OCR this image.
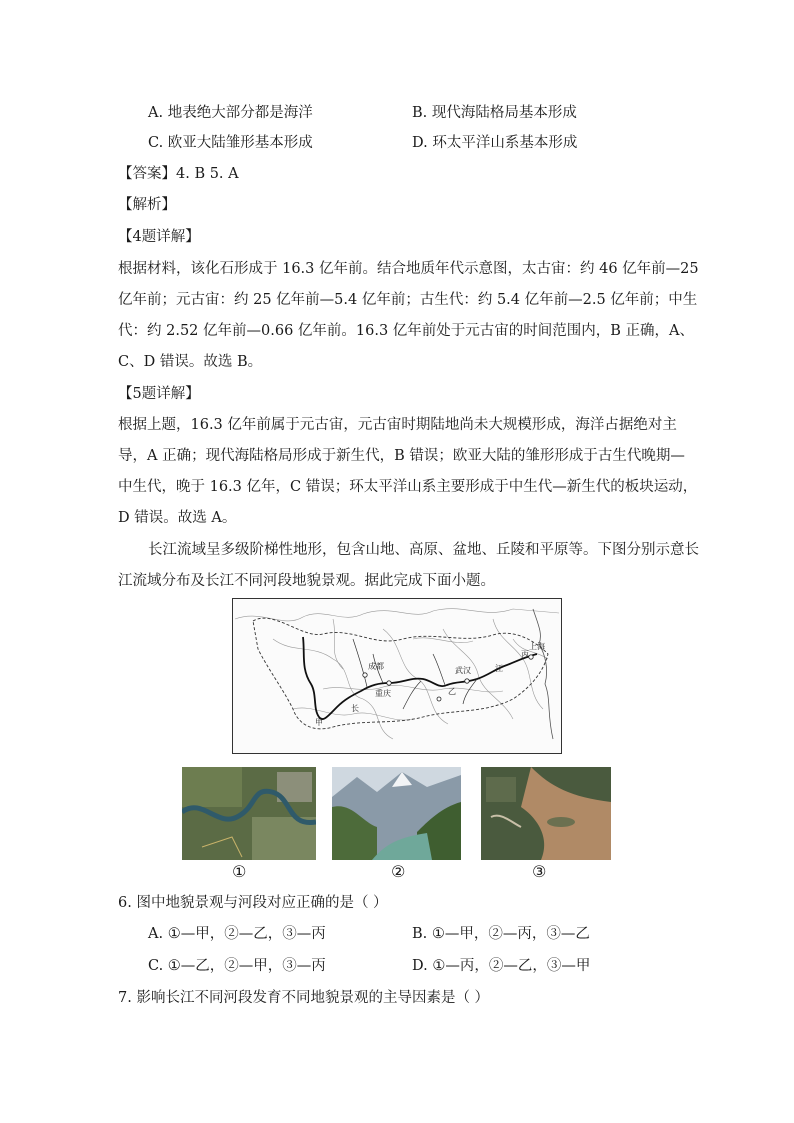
A. 地表绝大部分都是海洋	B. 现代海陆格局基本形成
C. 欧亚大陆雏形基本形成	D. 环太平洋山系基本形成
【答案】4. B 5. A
【解析】
【4题详解】
根据材料，该化石形成于 16.3 亿年前。结合地质年代示意图，太古宙：约 46 亿年前—25
亿年前；元古宙：约 25 亿年前—5.4 亿年前；古生代：约 5.4 亿年前—2.5 亿年前；中生
代：约 2.52 亿年前—0.66 亿年前。16.3 亿年前处于元古宙的时间范围内，B 正确，A、
C、D 错误。故选 B。
【5题详解】
根据上题，16.3 亿年前属于元古宙，元古宙时期陆地尚未大规模形成，海洋占据绝对主
导，A 正确；现代海陆格局形成于新生代，B 错误；欧亚大陆的雏形形成于古生代晚期—
中生代，晚于 16.3 亿年，C 错误；环太平洋山系主要形成于中生代—新生代的板块运动，
D 错误。故选 A。
长江流域呈多级阶梯性地形，包含山地、高原、盆地、丘陵和平原等。下图分别示意长
江流域分布及长江不同河段地貌景观。据此完成下面小题。
成都
重庆
武汉
上海
丙
乙
甲
长
江
①	②	③
6. 图中地貌景观与河段对应正确的是（ ）
A. ①—甲，②—乙，③—丙	B. ①—甲，②—丙，③—乙
C. ①—乙，②—甲，③—丙	D. ①—丙，②—乙，③—甲
7. 影响长江不同河段发育不同地貌景观的主导因素是（ ）
